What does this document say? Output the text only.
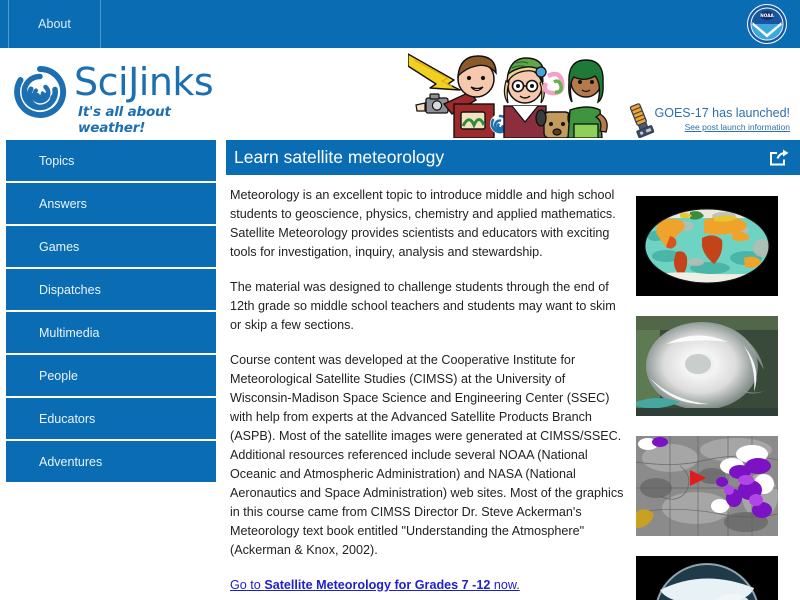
About
NOAA
SciJinks
It's all about weather!
GOES-17 has launched!
See post launch information
Topics
Answers
Games
Dispatches
Multimedia
People
Educators
Adventures
Learn satellite meteorology

Meteorology is an excellent topic to introduce middle and high school students to geoscience, physics, chemistry and applied mathematics. Satellite Meteorology provides scientists and educators with exciting tools for investigation, inquiry, analysis and stewardship.

The material was designed to challenge students through the end of 12th grade so middle school teachers and students may want to skim or skip a few sections.

Course content was developed at the Cooperative Institute for Meteorological Satellite Studies (CIMSS) at the University of Wisconsin-Madison Space Science and Engineering Center (SSEC) with help from experts at the Advanced Satellite Products Branch (ASPB). Most of the satellite images were generated at CIMSS/SSEC. Additional resources referenced include several NOAA (National Oceanic and Atmospheric Administration) and NASA (National Aeronautics and Space Administration) web sites. Most of the graphics in this course came from CIMSS Director Dr. Steve Ackerman's Meteorology text book entitled "Understanding the Atmosphere" (Ackerman & Knox, 2002).

Go to Satellite Meteorology for Grades 7 -12 now.
